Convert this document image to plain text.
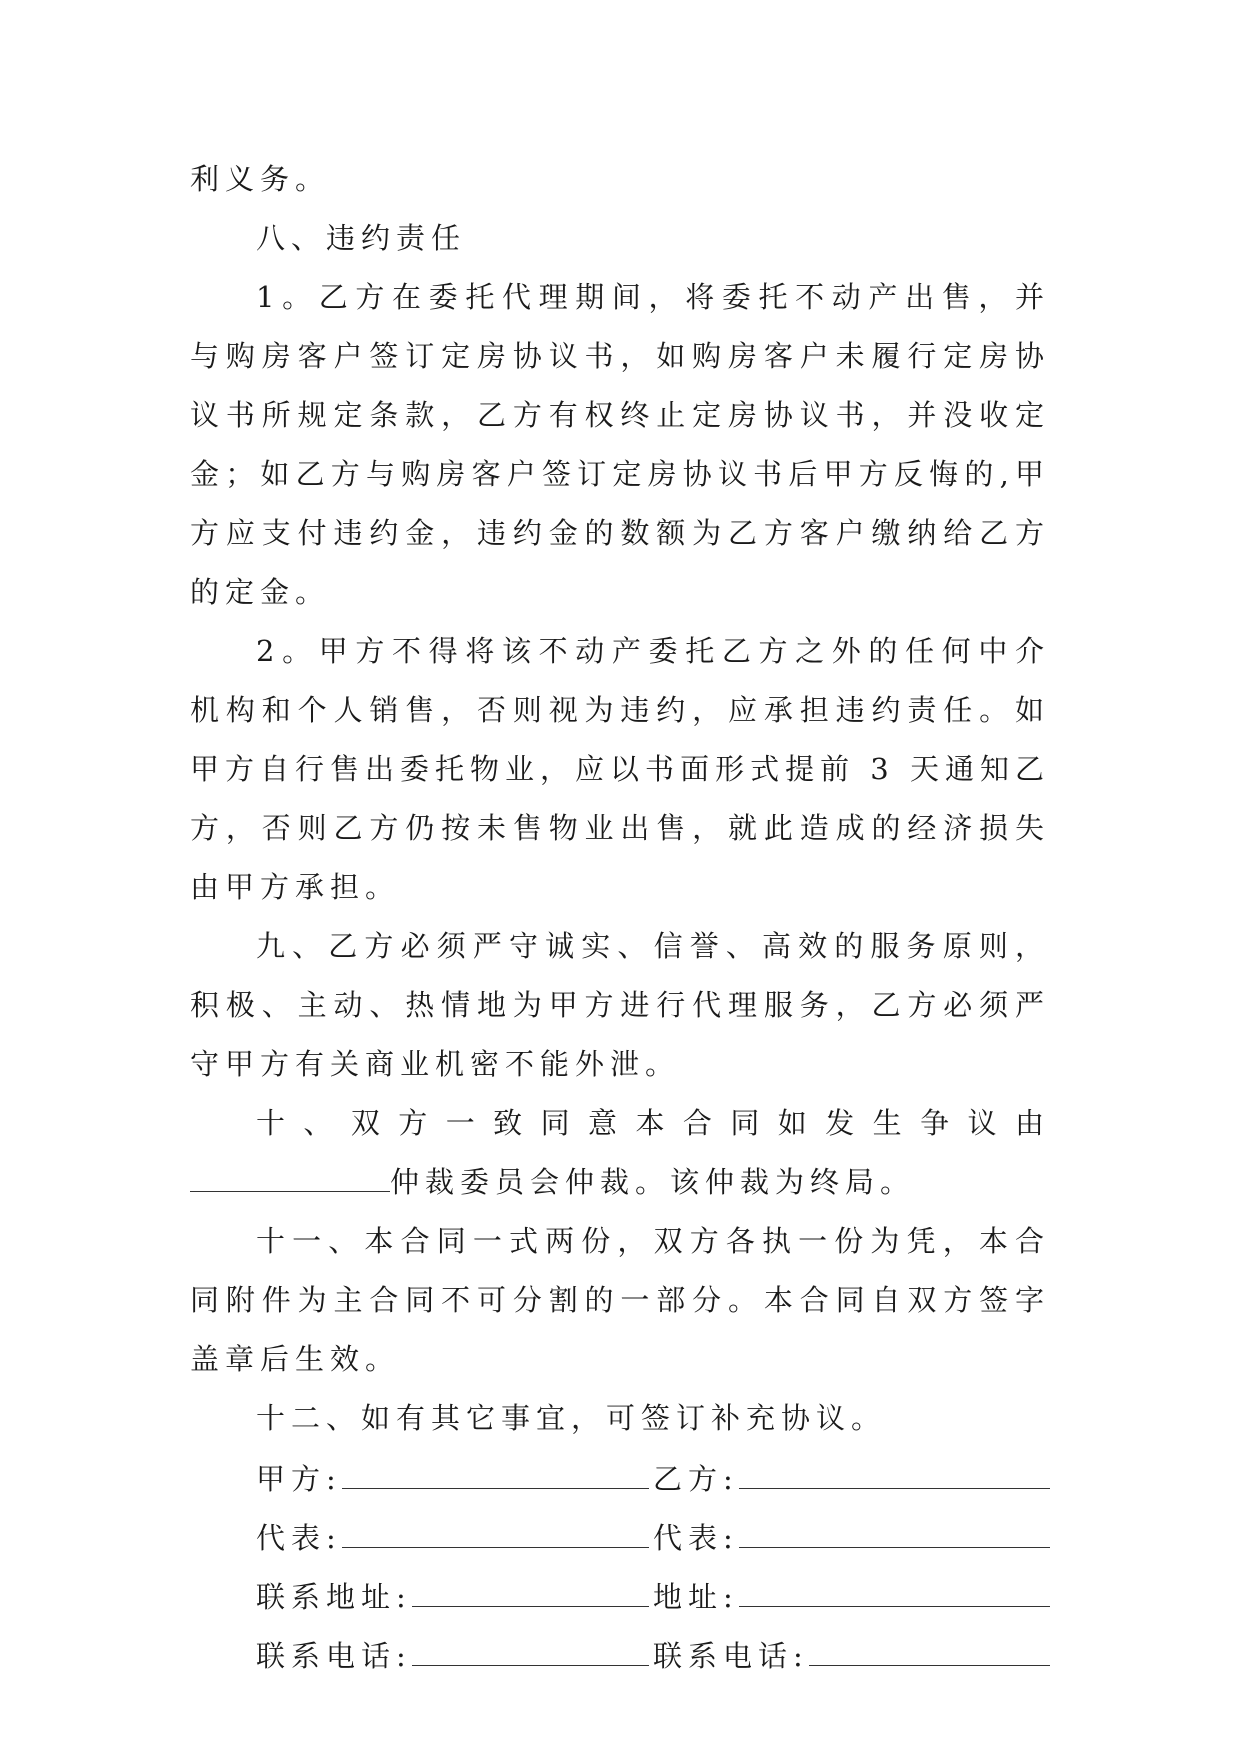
利义务。

八、违约责任

1。乙方在委托代理期间，将委托不动产出售，并与购房客户签订定房协议书，如购房客户未履行定房协议书所规定条款，乙方有权终止定房协议书，并没收定金；如乙方与购房客户签订定房协议书后甲方反悔的,甲方应支付违约金，违约金的数额为乙方客户缴纳给乙方的定金。

2。甲方不得将该不动产委托乙方之外的任何中介机构和个人销售，否则视为违约，应承担违约责任。如甲方自行售出委托物业，应以书面形式提前 3 天通知乙方，否则乙方仍按未售物业出售，就此造成的经济损失由甲方承担。

九、乙方必须严守诚实、信誉、高效的服务原则，积极、主动、热情地为甲方进行代理服务，乙方必须严守甲方有关商业机密不能外泄。

十、双方一致同意本合同如发生争议由仲裁委员会仲裁。该仲裁为终局。

十一、本合同一式两份，双方各执一份为凭，本合同附件为主合同不可分割的一部分。本合同自双方签字盖章后生效。

十二、如有其它事宜，可签订补充协议。

甲方:	乙方:
代表:	代表:
联系地址:	地址:
联系电话:	联系电话:
